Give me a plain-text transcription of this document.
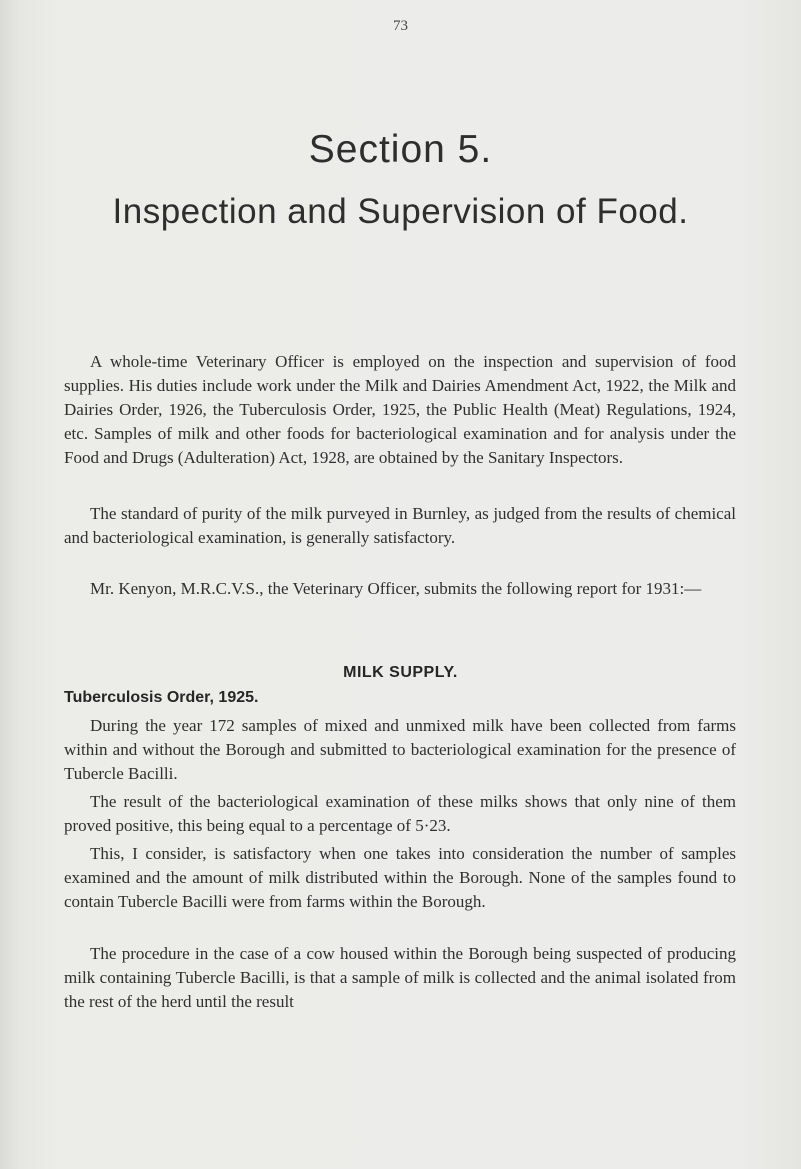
73
Section 5.
Inspection and Supervision of Food.

A whole-time Veterinary Officer is employed on the inspection and supervision of food supplies. His duties include work under the Milk and Dairies Amendment Act, 1922, the Milk and Dairies Order, 1926, the Tuberculosis Order, 1925, the Public Health (Meat) Regulations, 1924, etc. Samples of milk and other foods for bacteriological examination and for analysis under the Food and Drugs (Adulteration) Act, 1928, are obtained by the Sanitary Inspectors.

The standard of purity of the milk purveyed in Burnley, as judged from the results of chemical and bacteriological examination, is generally satisfactory.

Mr. Kenyon, M.R.C.V.S., the Veterinary Officer, submits the following report for 1931:—

MILK SUPPLY.
Tuberculosis Order, 1925.

During the year 172 samples of mixed and unmixed milk have been collected from farms within and without the Borough and submitted to bacteriological examination for the presence of Tubercle Bacilli.

The result of the bacteriological examination of these milks shows that only nine of them proved positive, this being equal to a percentage of 5·23.

This, I consider, is satisfactory when one takes into consideration the number of samples examined and the amount of milk distributed within the Borough. None of the samples found to contain Tubercle Bacilli were from farms within the Borough.

The procedure in the case of a cow housed within the Borough being suspected of producing milk containing Tubercle Bacilli, is that a sample of milk is collected and the animal isolated from the rest of the herd until the result
